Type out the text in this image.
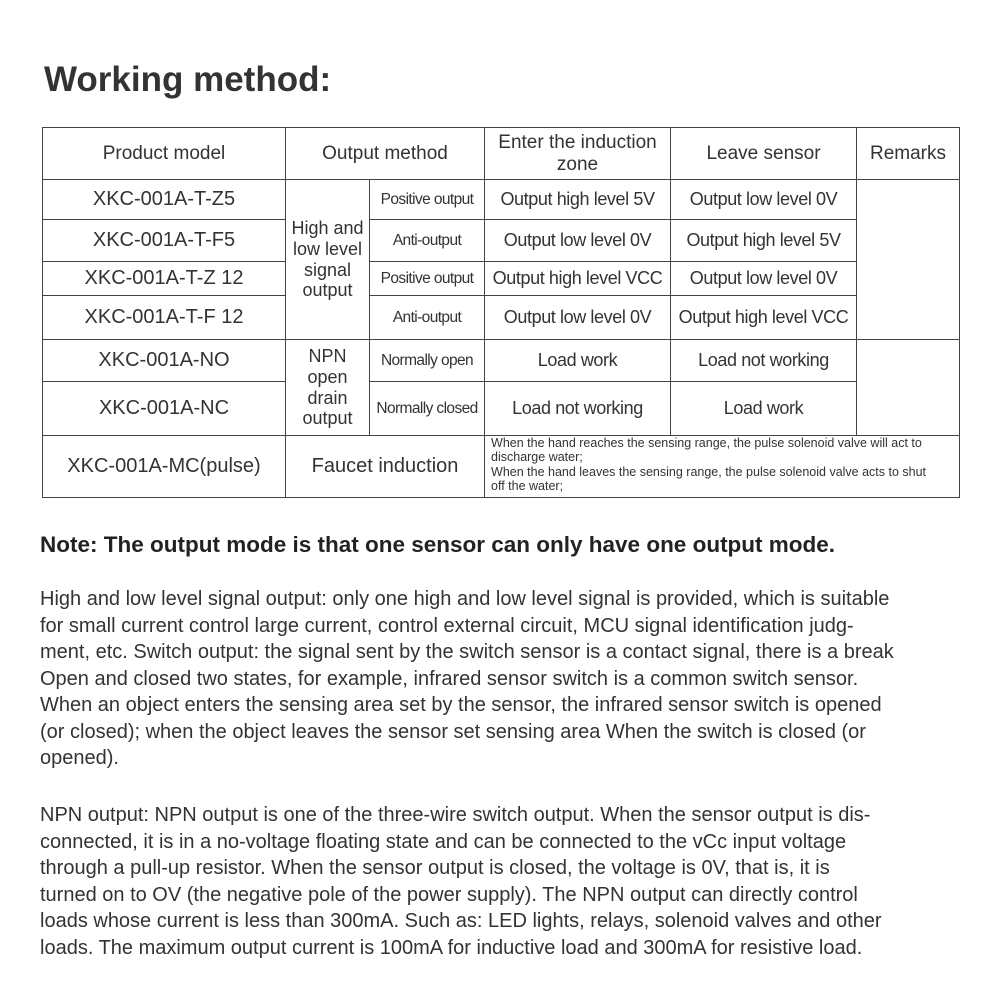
Working method:
Product model	Output method		Enter the induction zone	Leave sensor	Remarks
XKC-001A-T-Z5	High and low level signal output	Positive output	Output high level 5V	Output low level 0V	
XKC-001A-T-F5		Anti-output	Output low level 0V	Output high level 5V	
XKC-001A-T-Z 12		Positive output	Output high level VCC	Output low level 0V	
XKC-001A-T-F 12		Anti-output	Output low level 0V	Output high level VCC	
XKC-001A-NO	NPN open drain output	Normally open	Load work	Load not working	
XKC-001A-NC		Normally closed	Load not working	Load work	
XKC-001A-MC(pulse)	Faucet induction		When the hand reaches the sensing range, the pulse solenoid valve will act to
discharge water;
When the hand leaves the sensing range, the pulse solenoid valve acts to shut
off the water;		

Note: The output mode is that one sensor can only have one output mode.

High and low level signal output: only one high and low level signal is provided, which is suitable
for small current control large current, control external circuit, MCU signal identification judg-
ment, etc. Switch output: the signal sent by the switch sensor is a contact signal, there is a break
Open and closed two states, for example, infrared sensor switch is a common switch sensor.
When an object enters the sensing area set by the sensor, the infrared sensor switch is opened
(or closed); when the object leaves the sensor set sensing area When the switch is closed (or
opened).
NPN output: NPN output is one of the three-wire switch output. When the sensor output is dis-
connected, it is in a no-voltage floating state and can be connected to the vCc input voltage
through a pull-up resistor. When the sensor output is closed, the voltage is 0V, that is, it is
turned on to OV (the negative pole of the power supply). The NPN output can directly control
loads whose current is less than 300mA. Such as: LED lights, relays, solenoid valves and other
loads. The maximum output current is 100mA for inductive load and 300mA for resistive load.
